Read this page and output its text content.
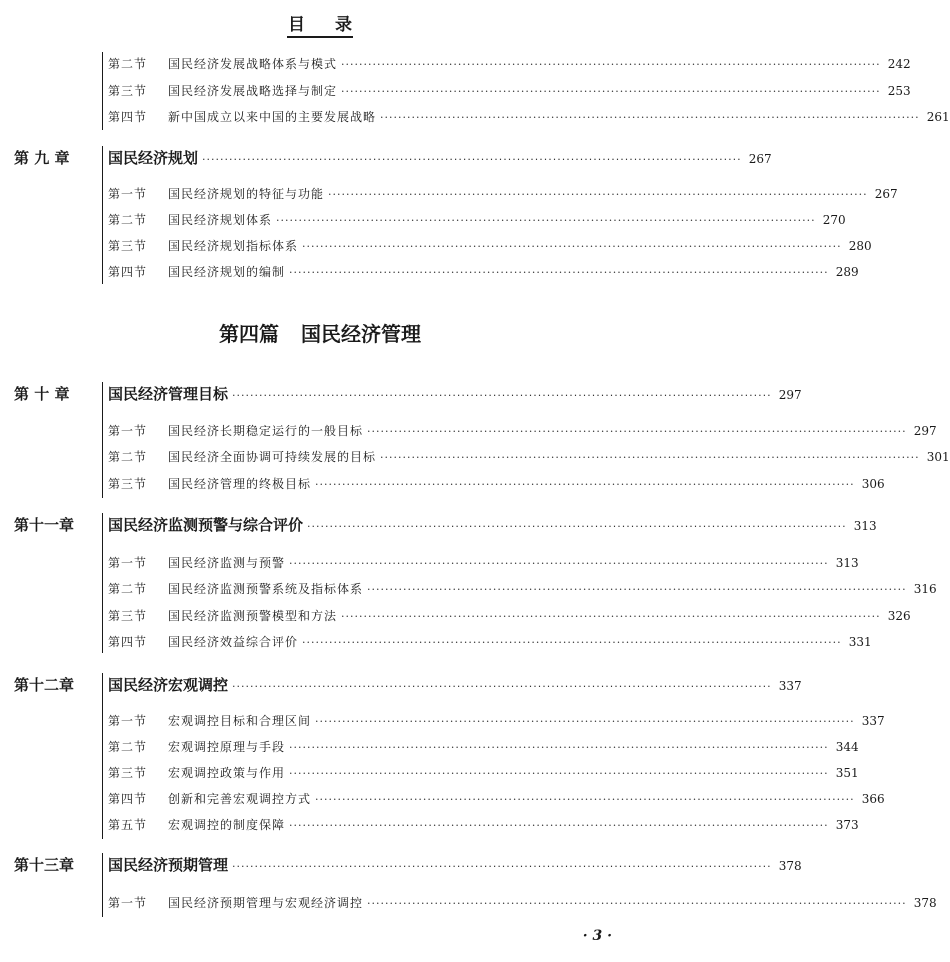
目 录
第二节	国民经济发展战略体系与模式 ························································································································ 242
第三节	国民经济发展战略选择与制定 ························································································································ 253
第四节	新中国成立以来中国的主要发展战略 ························································································································ 261
第 九 章	国民经济规划 ························································································································ 267
第一节	国民经济规划的特征与功能 ························································································································ 267
第二节	国民经济规划体系 ························································································································ 270
第三节	国民经济规划指标体系 ························································································································ 280
第四节	国民经济规划的编制 ························································································································ 289
第四篇 国民经济管理
第 十 章	国民经济管理目标 ························································································································ 297
第一节	国民经济长期稳定运行的一般目标 ························································································································ 297
第二节	国民经济全面协调可持续发展的目标 ························································································································ 301
第三节	国民经济管理的终极目标 ························································································································ 306
第十一章 国民经济监测预警与综合评价 ························································································································ 313
第一节	国民经济监测与预警 ························································································································ 313
第二节	国民经济监测预警系统及指标体系 ························································································································ 316
第三节	国民经济监测预警模型和方法 ························································································································ 326
第四节	国民经济效益综合评价 ························································································································ 331
第十二章 国民经济宏观调控 ························································································································ 337
第一节	宏观调控目标和合理区间 ························································································································ 337
第二节	宏观调控原理与手段 ························································································································ 344
第三节	宏观调控政策与作用 ························································································································ 351
第四节	创新和完善宏观调控方式 ························································································································ 366
第五节	宏观调控的制度保障 ························································································································ 373
第十三章 国民经济预期管理 ························································································································ 378
第一节	国民经济预期管理与宏观经济调控 ························································································································ 378
· 3 ·
